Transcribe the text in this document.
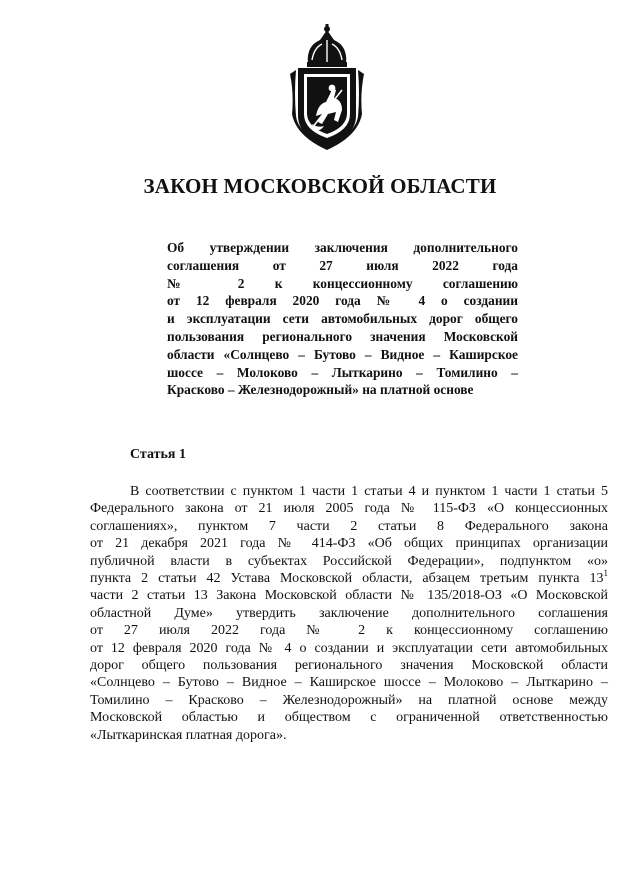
ЗАКОН МОСКОВСКОЙ ОБЛАСТИ
Об утверждении заключения дополнительного
соглашения от 27 июля 2022 года
№ 2 к концессионному соглашению
от 12 февраля 2020 года № 4 о создании
и эксплуатации сети автомобильных дорог общего
пользования регионального значения Московской
области «Солнцево – Бутово – Видное – Каширское
шоссе – Молоково – Лыткарино – Томилино –
Красково – Железнодорожный» на платной основе
Статья 1
В соответствии с пунктом 1 части 1 статьи 4 и пунктом 1 части 1 статьи 5
Федерального закона от 21 июля 2005 года № 115-ФЗ «О концессионных
соглашениях», пунктом 7 части 2 статьи 8 Федерального закона
от 21 декабря 2021 года № 414-ФЗ «Об общих принципах организации
публичной власти в субъектах Российской Федерации», подпунктом «о»
пункта 2 статьи 42 Устава Московской области, абзацем третьим пункта $13^1$
части 2 статьи 13 Закона Московской области № 135/2018-ОЗ «О Московской
областной Думе» утвердить заключение дополнительного соглашения
от 27 июля 2022 года № 2 к концессионному соглашению
от 12 февраля 2020 года № 4 о создании и эксплуатации сети автомобильных
дорог общего пользования регионального значения Московской области
«Солнцево – Бутово – Видное – Каширское шоссе – Молоково – Лыткарино –
Томилино – Красково – Железнодорожный» на платной основе между
Московской областью и обществом с ограниченной ответственностью
«Лыткаринская платная дорога».
